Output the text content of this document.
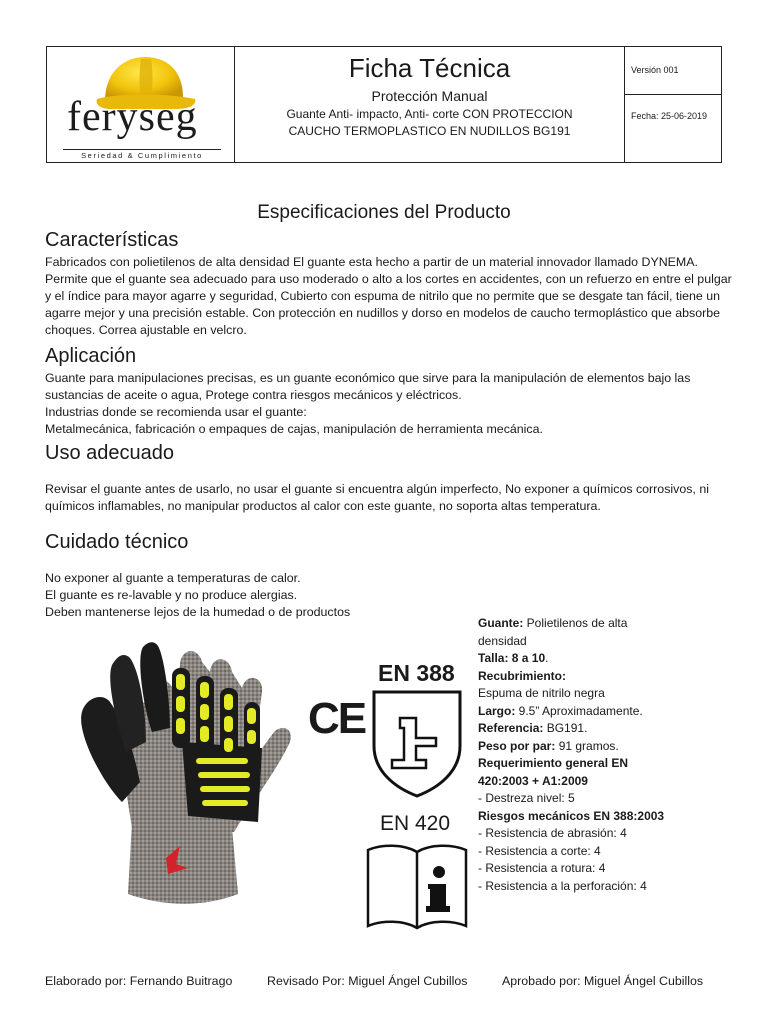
feryseg
Seriedad & Cumplimiento
Ficha Técnica
Protección Manual
Guante Anti- impacto, Anti- corte CON PROTECCION CAUCHO TERMOPLASTICO EN NUDILLOS BG191
Versión 001
Fecha: 25-06-2019
Especificaciones del Producto
Características
Fabricados con polietilenos de alta densidad El guante esta hecho a partir de un material innovador llamado DYNEMA. Permite que el guante sea adecuado para uso moderado o alto a los cortes en accidentes, con un refuerzo en entre el pulgar y el índice para mayor agarre y seguridad, Cubierto con espuma de nitrilo que no permite que se desgate tan fácil, tiene un agarre mejor y una precisión estable. Con protección en nudillos y dorso en modelos de caucho termoplástico que absorbe choques. Correa ajustable en velcro.
Aplicación

Guante para manipulaciones precisas, es un guante económico que sirve para la manipulación de elementos bajo las sustancias de aceite o agua, Protege contra riesgos mecánicos y eléctricos.

Industrias donde se recomienda usar el guante:

Metalmecánica, fabricación o empaques de cajas, manipulación de herramienta mecánica.

Uso adecuado
Revisar el guante antes de usarlo, no usar el guante si encuentra algún imperfecto, No exponer a químicos corrosivos, ni químicos inflamables, no manipular productos al calor con este guante, no soporta altas temperatura.
Cuidado técnico

No exponer al guante a temperaturas de calor.

El guante es re-lavable y no produce alergias.

Deben mantenerse lejos de la humedad o de productos

CE
EN 388
EN 420
Guante: Polietilenos de alta densidad
Talla: 8 a 10.
Recubrimiento:
Espuma de nitrilo negra
Largo: 9.5” Aproximadamente.
Referencia: BG191.
Peso por par: 91 gramos.
Requerimiento general EN 420:2003 + A1:2009
- Destreza nivel: 5
Riesgos mecánicos EN 388:2003
- Resistencia de abrasión: 4
- Resistencia a corte: 4
- Resistencia a rotura: 4
- Resistencia a la perforación: 4
Elaborado por: Fernando Buitrago	Revisado Por: Miguel Ángel Cubillos	Aprobado por: Miguel Ángel Cubillos
